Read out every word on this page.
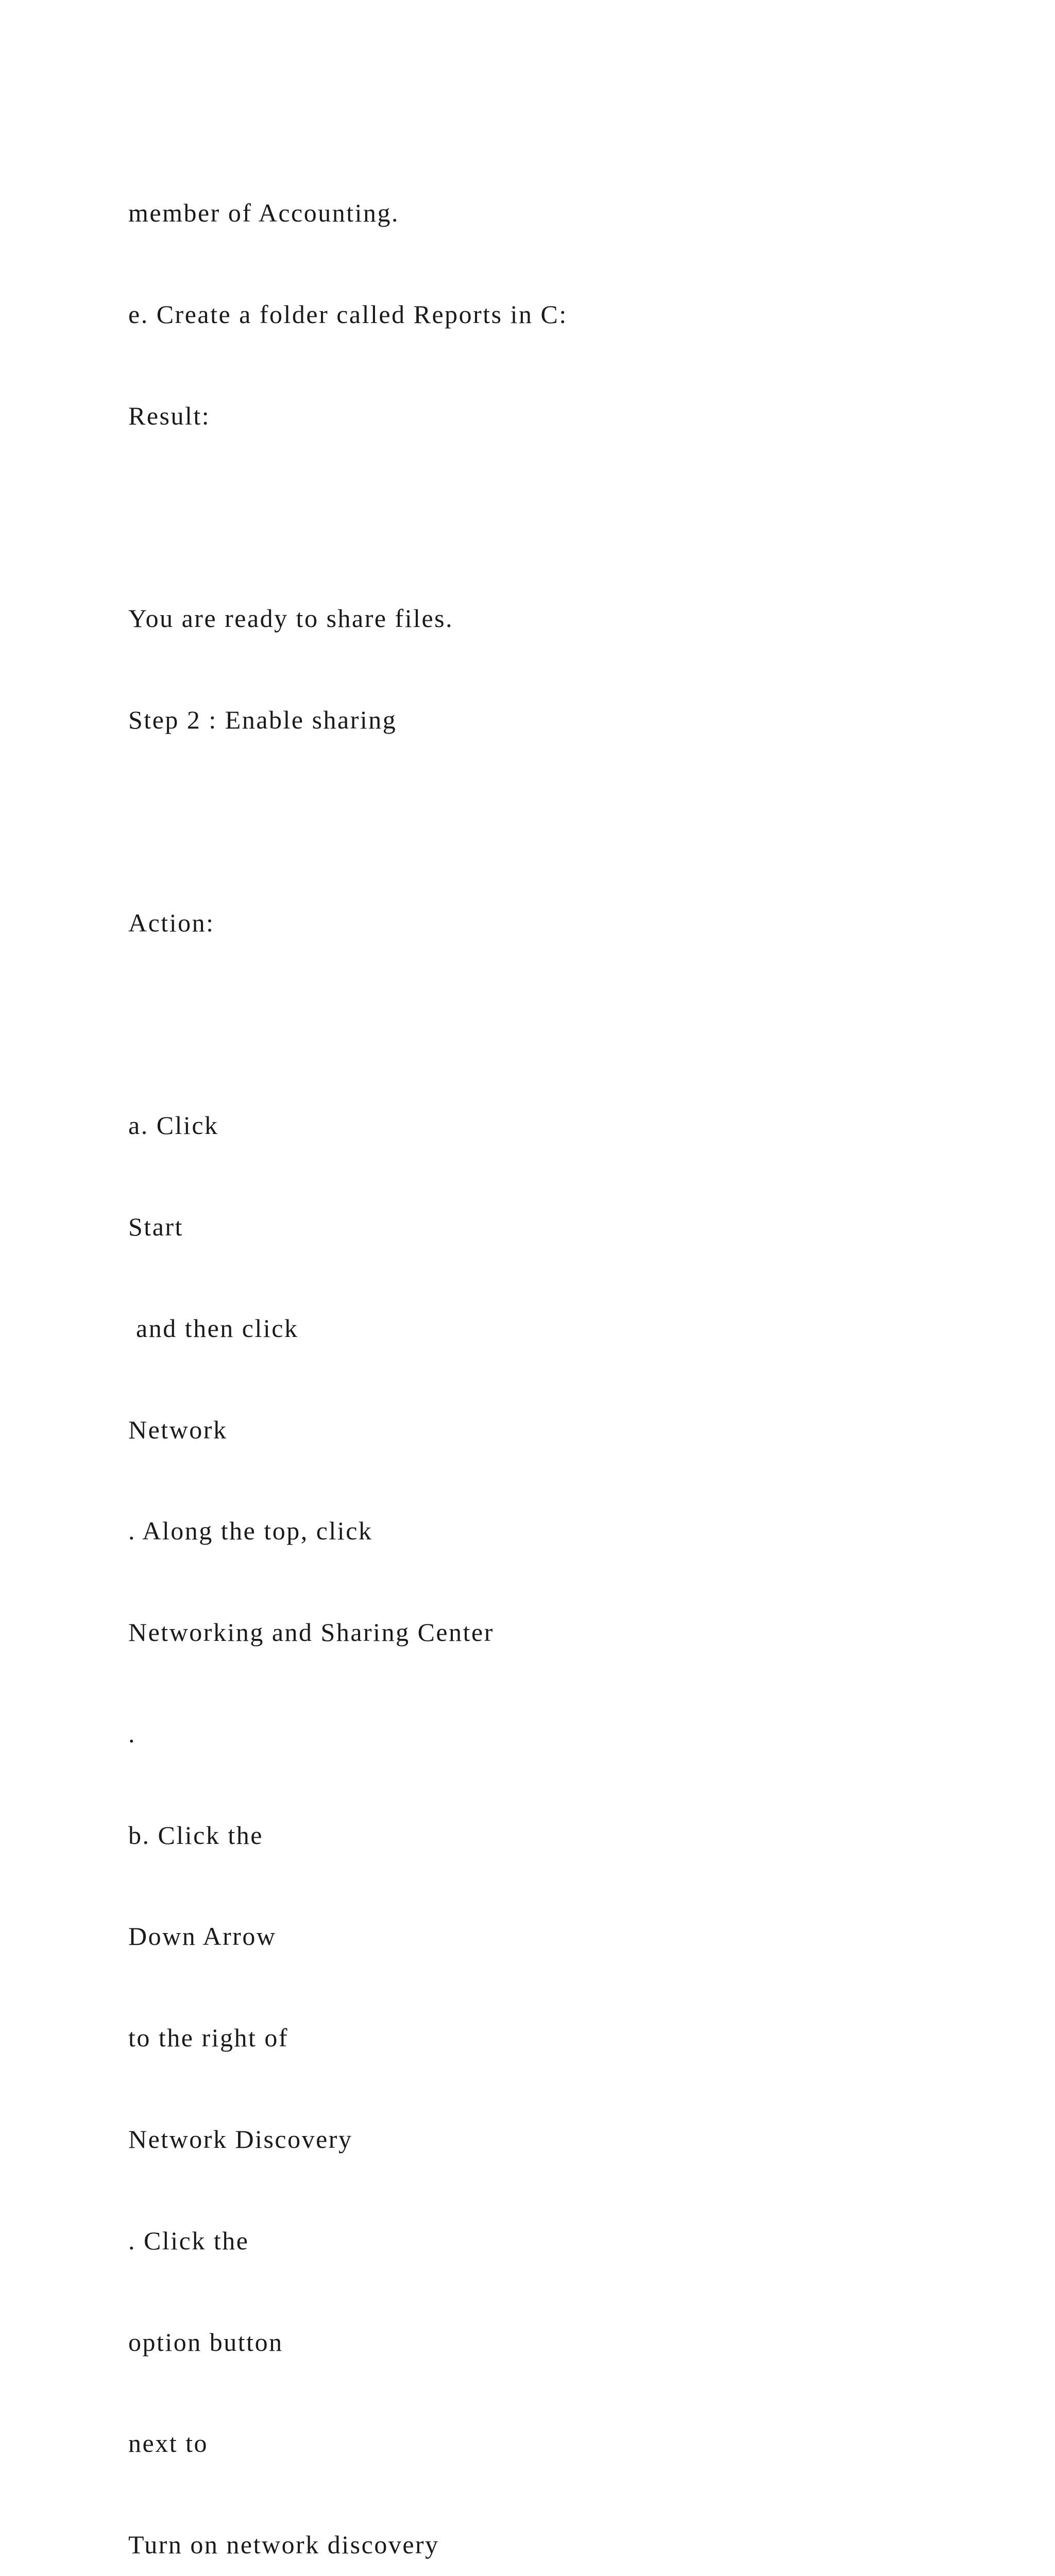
member of Accounting.

e. Create a folder called Reports in C:

Result:

You are ready to share files.

Step 2 : Enable sharing

Action:

a. Click

Start

and then click

Network

. Along the top, click

Networking and Sharing Center

.

b. Click the

Down Arrow

to the right of

Network Discovery

. Click the

option button

next to

Turn on network discovery
